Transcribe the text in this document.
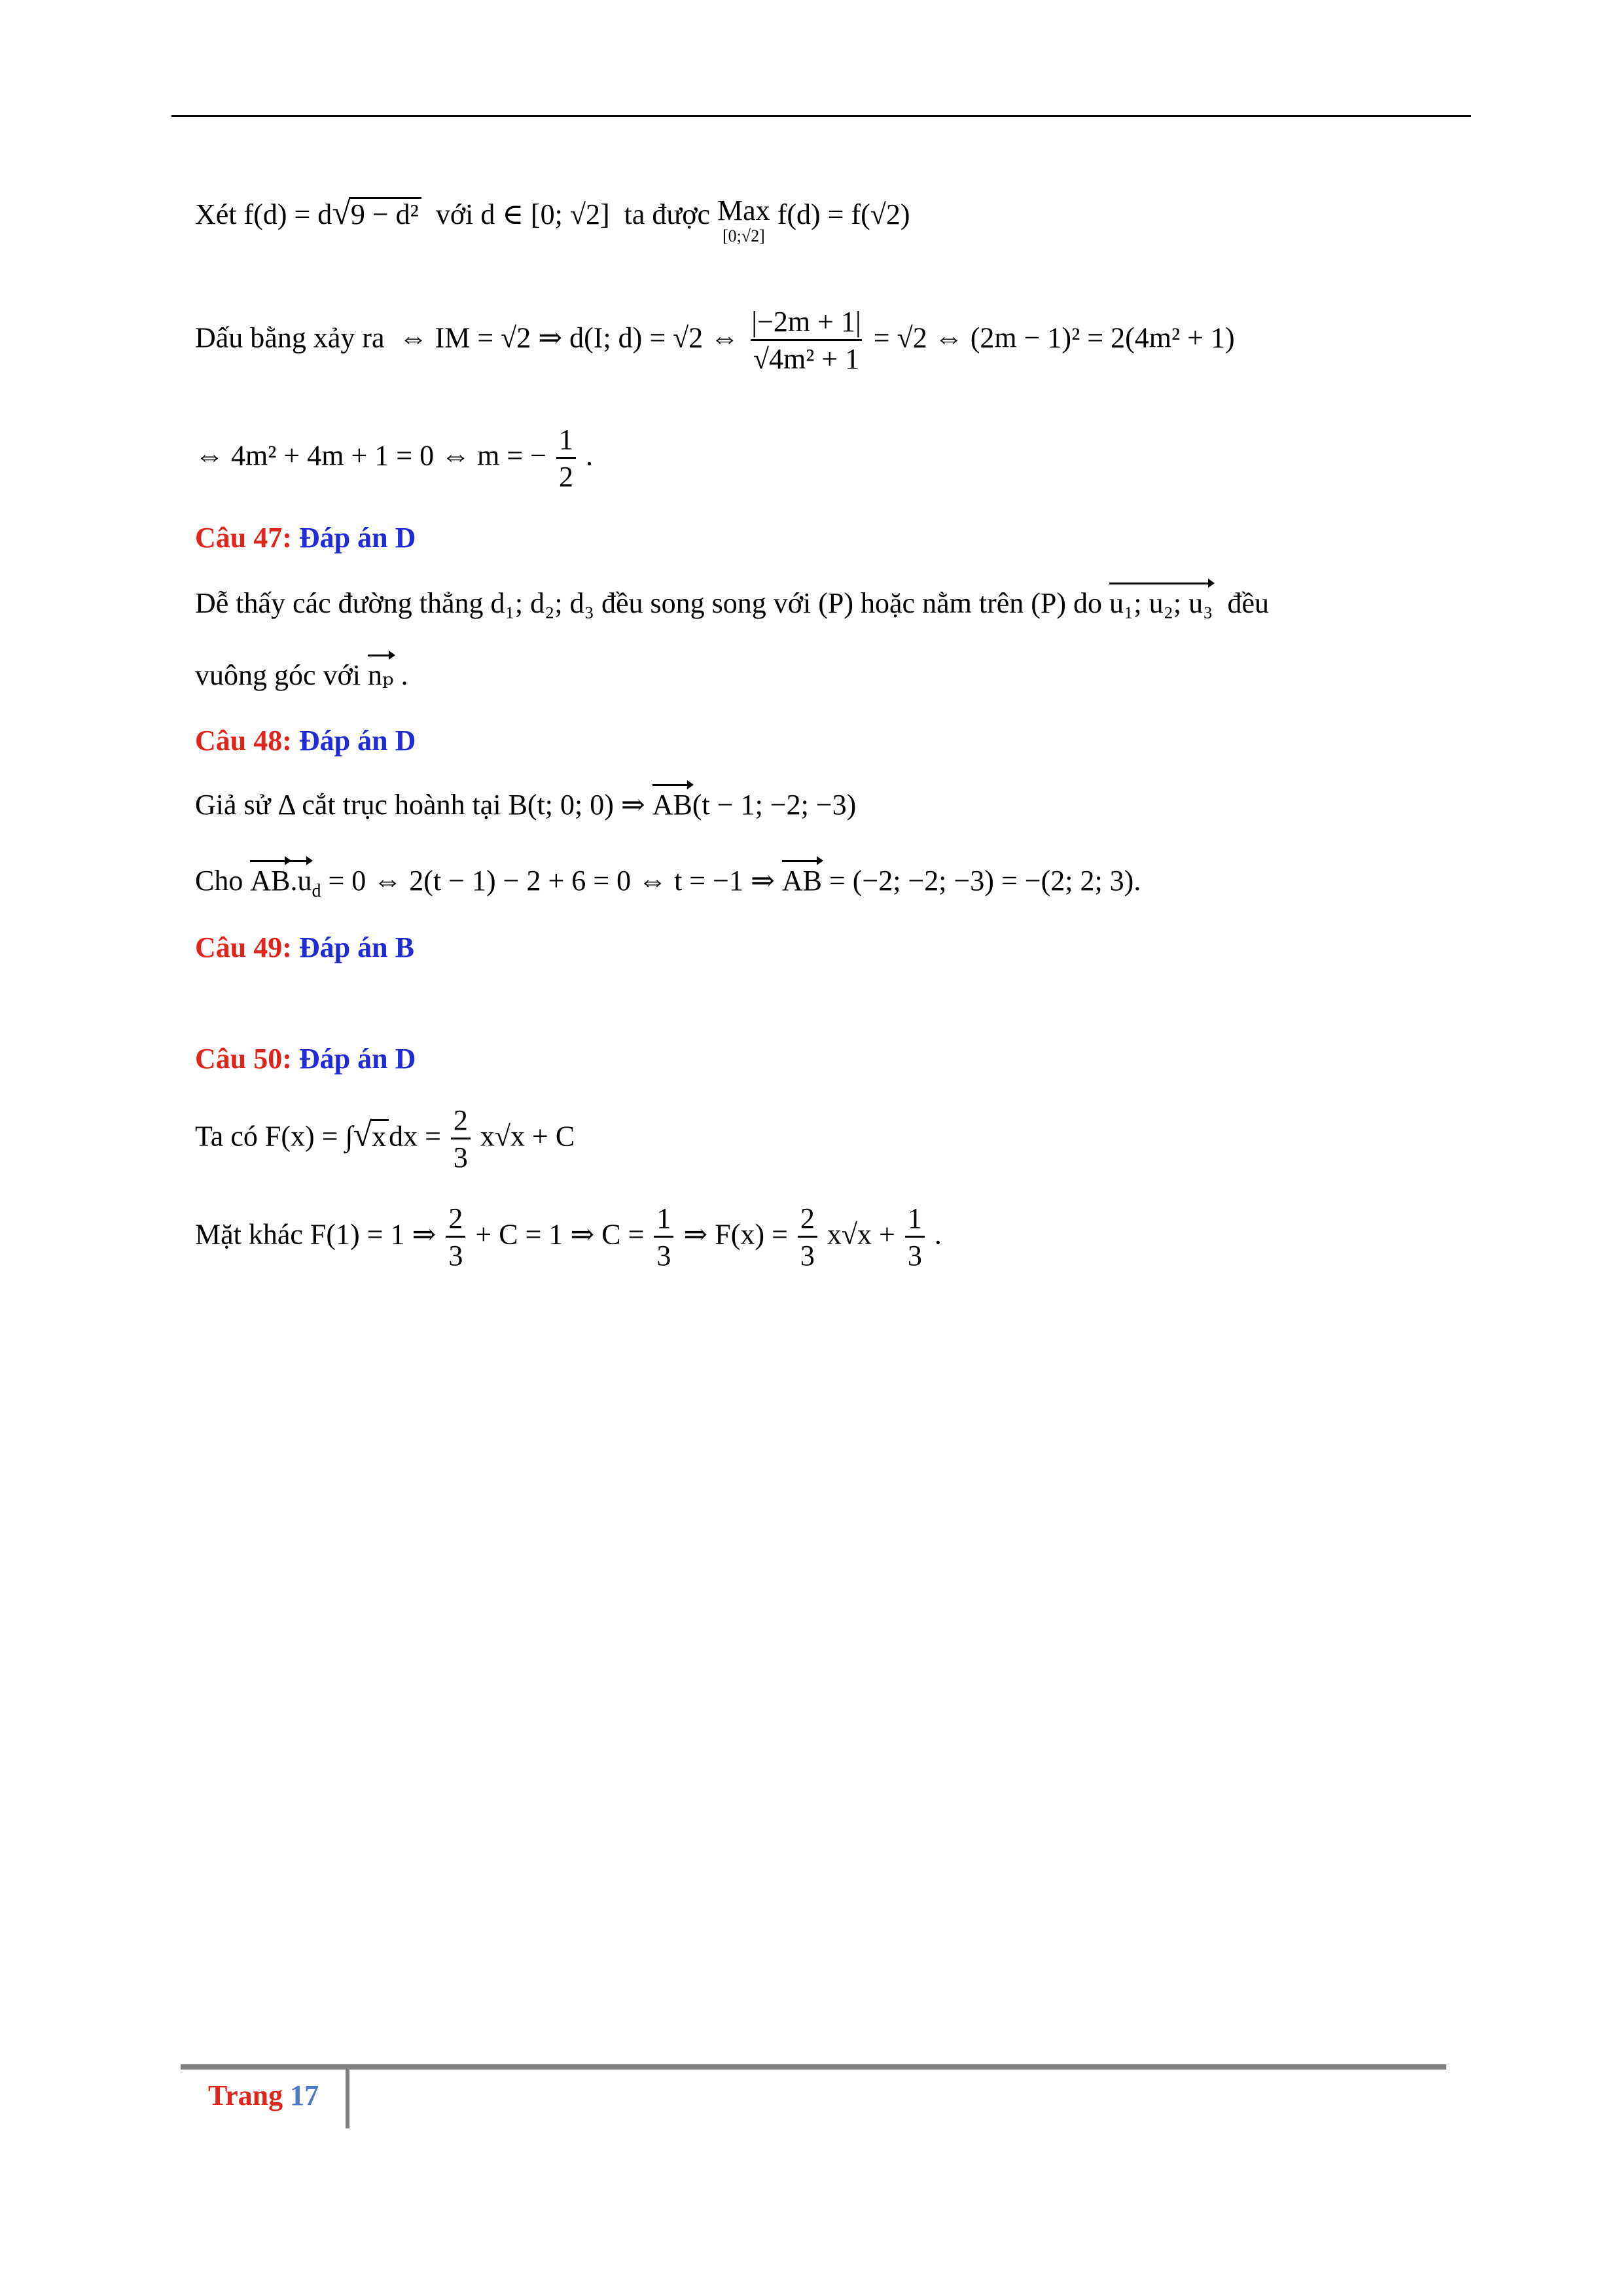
Xét f(d) = d√9 − d² với d ∈ [0; √2] ta được Max
[0;√2]
f(d) = f(√2)
Dấu bằng xảy ra ⇔ IM = √2 ⇒ d(I; d) = √2 ⇔ $\frac{|-2m + 1|}{\text{√4m² + 1}} = √2$ ⇔ (2m − 1)² = 2(4m² + 1)
⇔ 4m² + 4m + 1 = 0 ⇔ m = − $\frac{1}{2}$ .
Câu 47: Đáp án D
Dễ thấy các đường thẳng d₁; d₂; d₃ đều song song với (P) hoặc nằm trên (P) do u₁; u₂; u₃ đều
vuông góc với nₚ .
Câu 48: Đáp án D
Giả sử Δ cắt trục hoành tại B(t; 0; 0) ⇒ AB(t − 1; −2; −3)
Cho $AB.u_d = 0$ ⇔ 2(t − 1) − 2 + 6 = 0 ⇔ t = −1 ⇒ AB = (−2; −2; −3) = −(2; 2; 3).
Câu 49: Đáp án B
Câu 50: Đáp án D
Ta có $F(x) = \int√xdx = \frac{2}{3} x√x + C$
Mặt khác F(1) = 1 ⇒ $\frac{2}{3} + C = 1$ ⇒ $C = \frac{1}{3}$ ⇒ $F(x) = \frac{2}{3} x√x + \frac{1}{3}$ .
Trang 17
